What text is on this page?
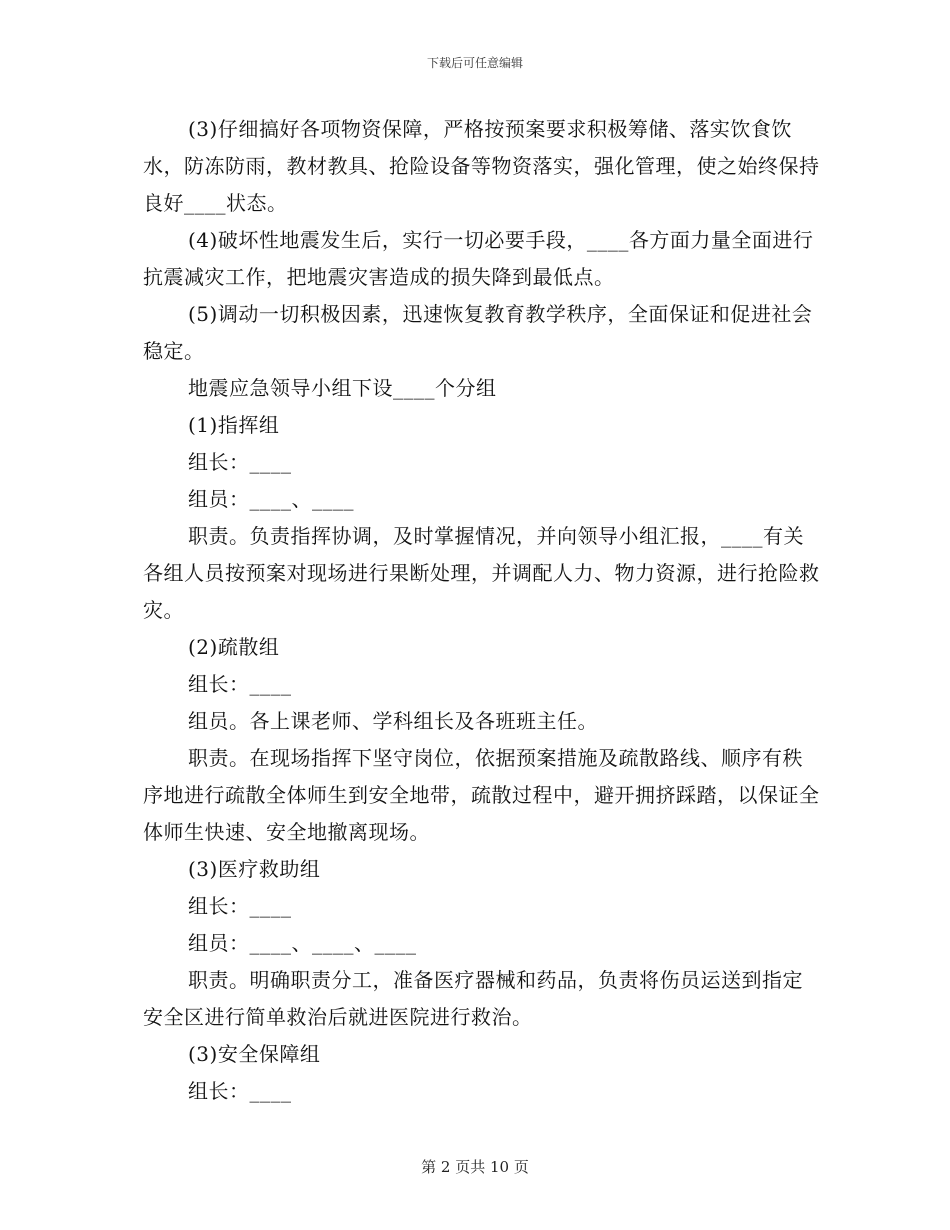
下载后可任意编辑

(3)仔细搞好各项物资保障，严格按预案要求积极筹储、落实饮食饮水，防冻防雨，教材教具、抢险设备等物资落实，强化管理，使之始终保持良好____状态。

(4)破坏性地震发生后，实行一切必要手段，____各方面力量全面进行抗震减灾工作，把地震灾害造成的损失降到最低点。

(5)调动一切积极因素，迅速恢复教育教学秩序，全面保证和促进社会稳定。

地震应急领导小组下设____个分组

(1)指挥组

组长：____

组员：____、____

职责。负责指挥协调，及时掌握情况，并向领导小组汇报，____有关各组人员按预案对现场进行果断处理，并调配人力、物力资源，进行抢险救灾。

(2)疏散组

组长：____

组员。各上课老师、学科组长及各班班主任。

职责。在现场指挥下坚守岗位，依据预案措施及疏散路线、顺序有秩序地进行疏散全体师生到安全地带，疏散过程中，避开拥挤踩踏，以保证全体师生快速、安全地撤离现场。

(3)医疗救助组

组长：____

组员：____、____、____

职责。明确职责分工，准备医疗器械和药品，负责将伤员运送到指定安全区进行简单救治后就进医院进行救治。

(3)安全保障组

组长：____

第 2 页共 10 页
